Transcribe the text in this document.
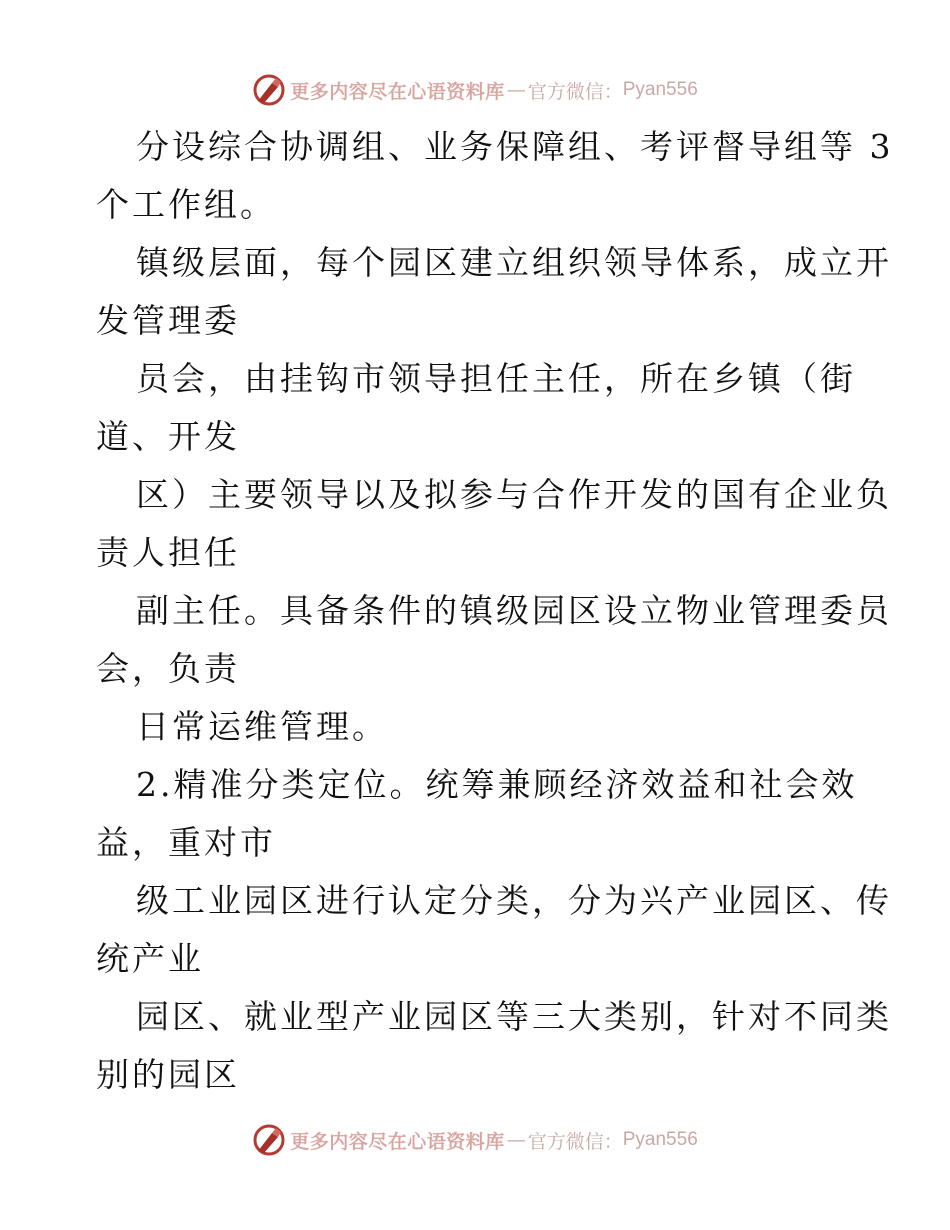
更多内容尽在心语资料库 — 官方微信： Pyan556
分设综合协调组、业务保障组、考评督导组等 3
个工作组。
镇级层面，每个园区建立组织领导体系，成立开
发管理委
员会，由挂钩市领导担任主任，所在乡镇（街
道、开发
区）主要领导以及拟参与合作开发的国有企业负
责人担任
副主任。具备条件的镇级园区设立物业管理委员
会，负责
日常运维管理。
2.精准分类定位。统筹兼顾经济效益和社会效
益，重对市
级工业园区进行认定分类，分为兴产业园区、传
统产业
园区、就业型产业园区等三大类别，针对不同类
别的园区
更多内容尽在心语资料库 — 官方微信： Pyan556
